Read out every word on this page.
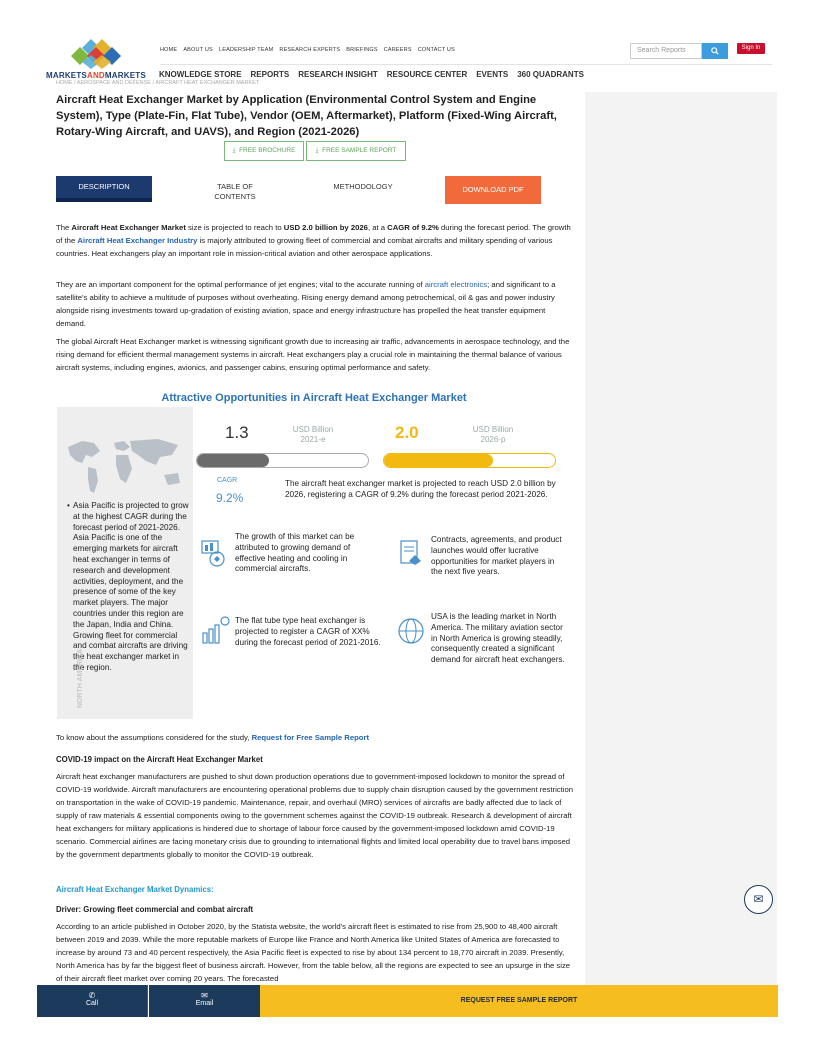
MARKETSANDMARKETS
HOME ABOUT US LEADERSHIP TEAM RESEARCH EXPERTS BRIEFINGS CAREERS CONTACT US
KNOWLEDGE STORE REPORTS RESEARCH INSIGHT RESOURCE CENTER EVENTS 360 QUADRANTS
Search Reports	Sign In
HOME / AEROSPACE AND DEFENSE / AIRCRAFT HEAT EXCHANGER MARKET
Aircraft Heat Exchanger Market by Application (Environmental Control System and Engine System), Type (Plate-Fin, Flat Tube), Vendor (OEM, Aftermarket), Platform (Fixed-Wing Aircraft, Rotary-Wing Aircraft, and UAVS), and Region (2021-2026)
⤓ FREE BROCHURE	⤓ FREE SAMPLE REPORT
DESCRIPTION	TABLE OF
CONTENTS
METHODOLOGY	DOWNLOAD PDF

The Aircraft Heat Exchanger Market size is projected to reach to USD 2.0 billion by 2026, at a CAGR of 9.2% during the forecast period. The growth of the Aircraft Heat Exchanger Industry is majorly attributed to growing fleet of commercial and combat aircrafts and military spending of various countries. Heat exchangers play an important role in mission-critical aviation and other aerospace applications.

They are an important component for the optimal performance of jet engines; vital to the accurate running of aircraft electronics; and significant to a satellite's ability to achieve a multitude of purposes without overheating. Rising energy demand among petrochemical, oil & gas and power industry alongside rising investments toward up-gradation of existing aviation, space and energy infrastructure has propelled the heat transfer equipment demand.

The global Aircraft Heat Exchanger market is witnessing significant growth due to increasing air traffic, advancements in aerospace technology, and the rising demand for efficient thermal management systems in aircraft. Heat exchangers play a crucial role in maintaining the thermal balance of various aircraft systems, including engines, avionics, and passenger cabins, ensuring optimal performance and safety.

Attractive Opportunities in Aircraft Heat Exchanger Market
• Asia Pacific is projected to grow at the highest CAGR during the forecast period of 2021-2026. Asia Pacific is one of the emerging markets for aircraft heat exchanger in terms of research and development activities, deployment, and the presence of some of the key market players. The major countries under this region are the Japan, India and China. Growing fleet for commercial and combat aircrafts are driving the heat exchanger market in the region.
NORTH AMERICA
1.3	USD Billion
2021-e	2.0	USD Billion
2026-p
CAGR
9.2%
The aircraft heat exchanger market is projected to reach USD 2.0 billion by 2026, registering a CAGR of 9.2% during the forecast period 2021-2026.
The growth of this market can be attributed to growing demand of effective heating and cooling in commercial aircrafts.
Contracts, agreements, and product launches would offer lucrative opportunities for market players in the next five years.
The flat tube type heat exchanger is projected to register a CAGR of XX% during the forecast period of 2021-2016.
USA is the leading market in North America. The military aviation sector in North America is growing steadily, consequently created a significant demand for aircraft heat exchangers.

To know about the assumptions considered for the study, Request for Free Sample Report

COVID-19 impact on the Aircraft Heat Exchanger Market

Aircraft heat exchanger manufacturers are pushed to shut down production operations due to government-imposed lockdown to monitor the spread of COVID-19 worldwide. Aircraft manufacturers are encountering operational problems due to supply chain disruption caused by the government restriction on transportation in the wake of COVID-19 pandemic. Maintenance, repair, and overhaul (MRO) services of aircrafts are badly affected due to lack of supply of raw materials & essential components owing to the government schemes against the COVID-19 outbreak. Research & development of aircraft heat exchangers for military applications is hindered due to shortage of labour force caused by the government-imposed lockdown amid COVID-19 scenario. Commercial airlines are facing monetary crisis due to grounding to international flights and limited local operability due to travel bans imposed by the government departments globally to monitor the COVID-19 outbreak.

Aircraft Heat Exchanger Market Dynamics:
Driver: Growing fleet commercial and combat aircraft

According to an article published in October 2020, by the Statista website, the world's aircraft fleet is estimated to rise from 25,900 to 48,400 aircraft between 2019 and 2039. While the more reputable markets of Europe like France and North America like United States of America are forecasted to increase by around 73 and 40 percent respectively, the Asia Pacific fleet is expected to rise by about 134 percent to 18,770 aircraft in 2039. Presently, North America has by far the biggest fleet of business aircraft. However, from the table below, all the regions are expected to see an upsurge in the size of their aircraft fleet market over coming 20 years. The forecasted

✉
✆
Call
✉
Email	REQUEST FREE SAMPLE REPORT
